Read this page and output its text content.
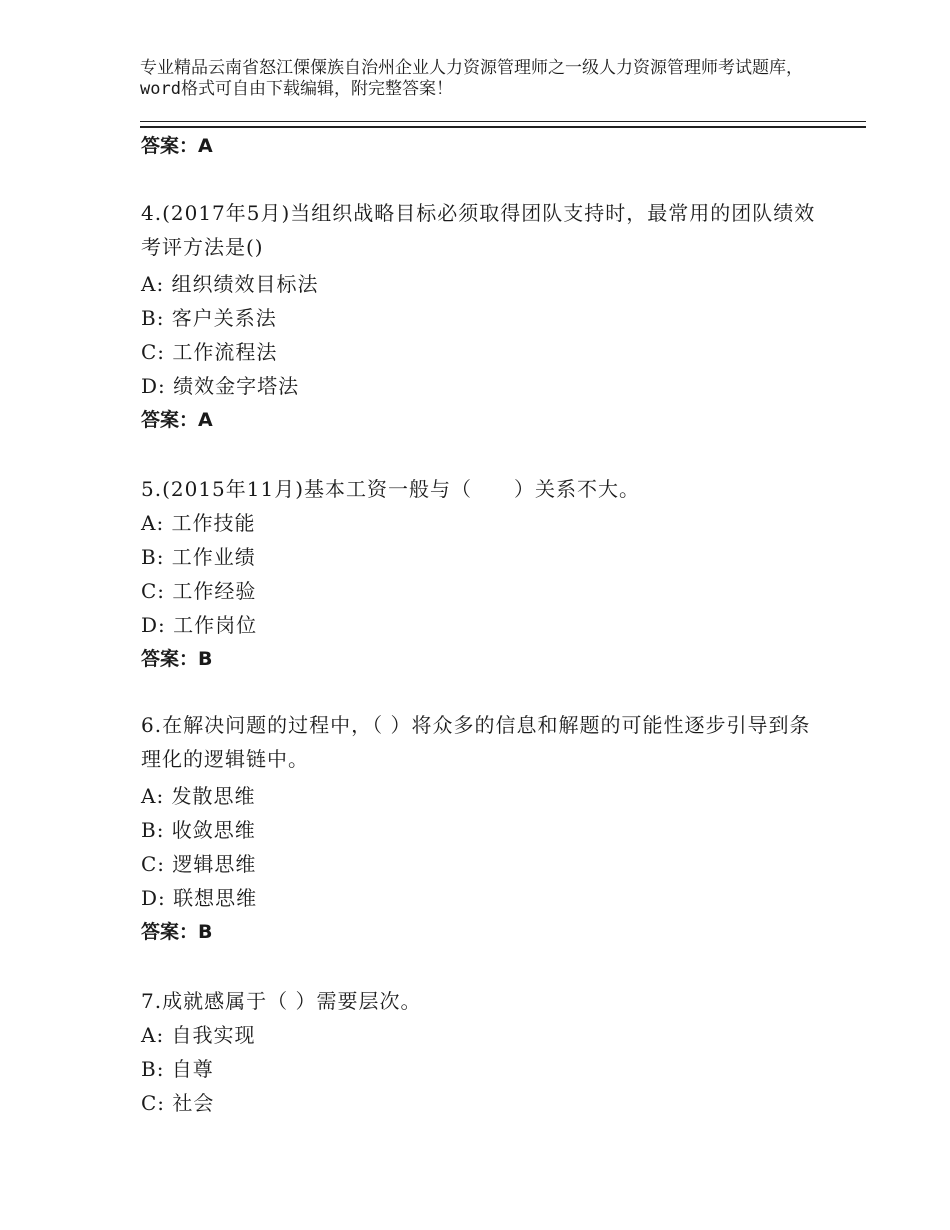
专业精品云南省怒江傈僳族自治州企业人力资源管理师之一级人力资源管理师考试题库，word格式可自由下载编辑，附完整答案！
答案：A
4.(2017年5月)当组织战略目标必须取得团队支持时，最常用的团队绩效考评方法是()
A: 组织绩效目标法
B: 客户关系法
C: 工作流程法
D: 绩效金字塔法
答案：A
5.(2015年11月)基本工资一般与（　　）关系不大。
A: 工作技能
B: 工作业绩
C: 工作经验
D: 工作岗位
答案：B
6.在解决问题的过程中，（ ）将众多的信息和解题的可能性逐步引导到条理化的逻辑链中。
A: 发散思维
B: 收敛思维
C: 逻辑思维
D: 联想思维
答案：B
7.成就感属于（ ）需要层次。
A: 自我实现
B: 自尊
C: 社会
